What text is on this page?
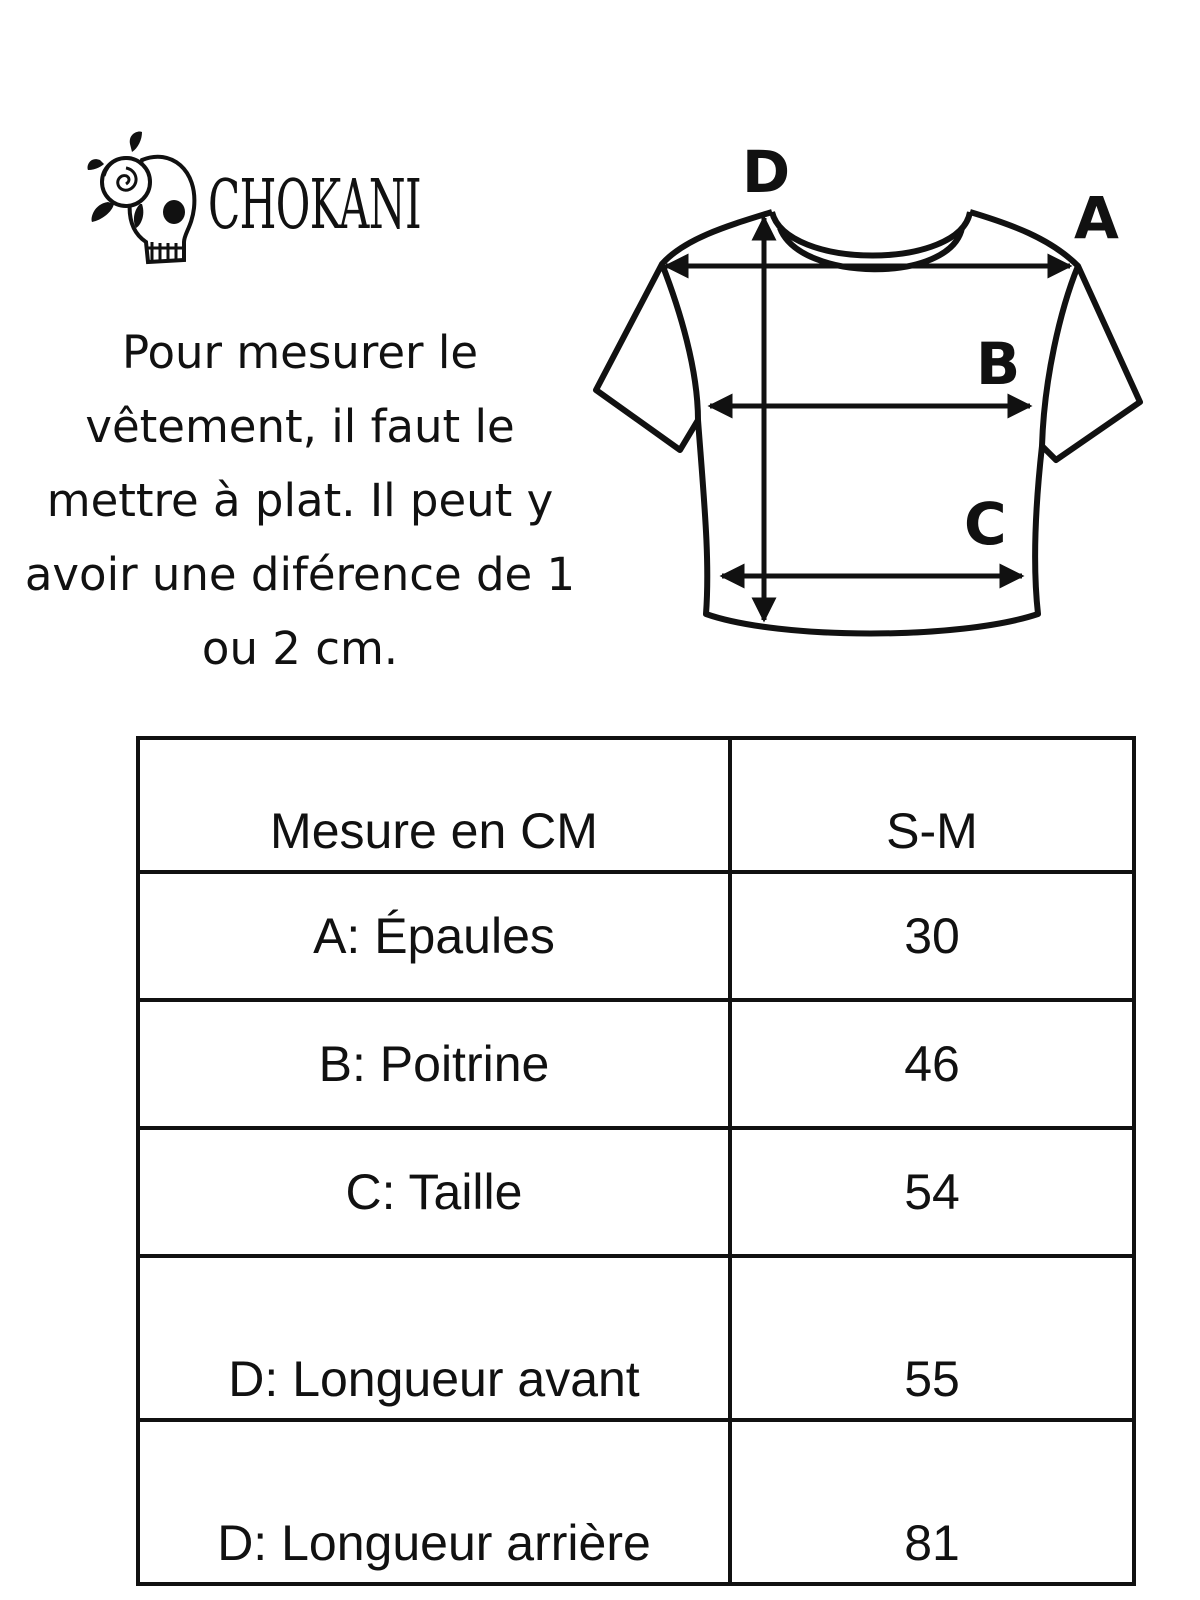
CHOKANI
Pour mesurer le vêtement, il faut le mettre à plat. Il peut y avoir une diférence de 1 ou 2 cm.
D
A
B
C
Mesure en CM	S-M
A: Épaules	30
B: Poitrine	46
C: Taille	54
D: Longueur avant	55
D: Longueur arrière	81
